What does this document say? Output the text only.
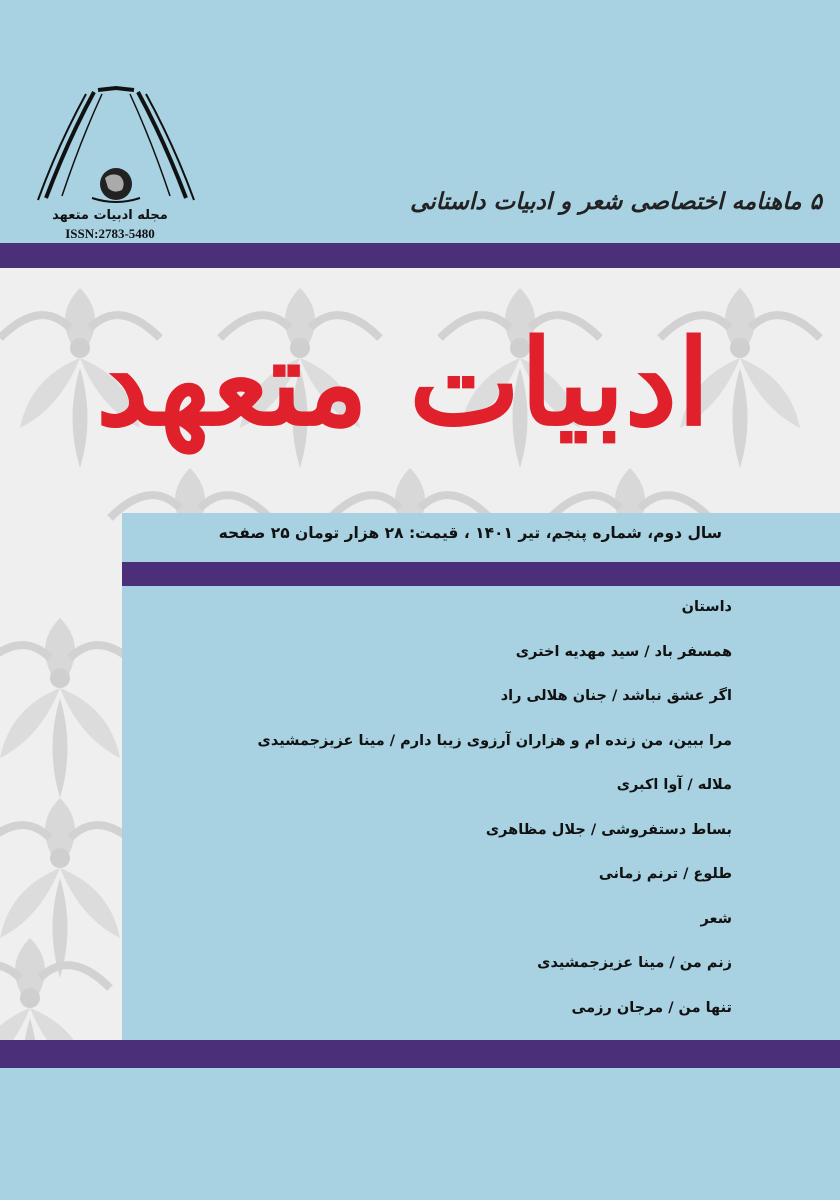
مجله ادبیات متعهد
ISSN:2783-5480
۵ ماهنامه اختصاصی شعر و ادبیات داستانی
ادبیات متعهد
سال دوم، شماره پنجم، تیر ۱۴۰۱ ، قیمت: ۲۸ هزار تومان ۲۵ صفحه
داستان
همسفر باد / سید مهدیه اختری
اگر عشق نباشد / جنان هلالی راد
مرا ببین، من زنده ام و هزاران آرزوی زیبا دارم / مینا عزیزجمشیدی
ملاله / آوا اکبری
بساط دستفروشی / جلال مظاهری
طلوع / ترنم زمانی
شعر
زنم من / مینا عزیزجمشیدی
تنها من / مرجان رزمی
